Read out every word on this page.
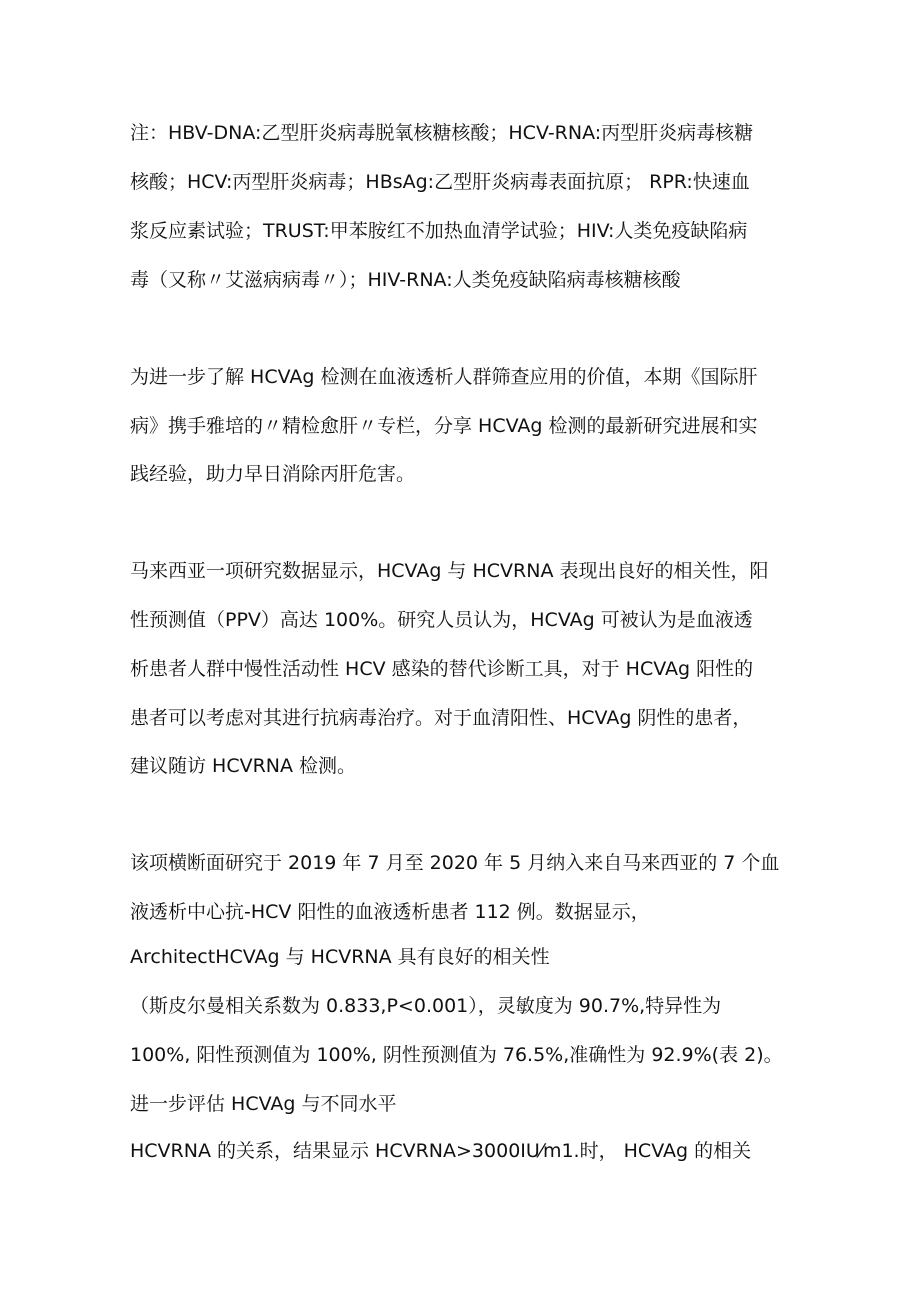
注：HBV-DNA:乙型肝炎病毒脱氧核糖核酸；HCV-RNA:丙型肝炎病毒核糖
核酸；HCV:丙型肝炎病毒；HBsAg:乙型肝炎病毒表面抗原； RPR:快速血
浆反应素试验；TRUST:甲苯胺红不加热血清学试验；HIV:人类免疫缺陷病
毒（又称〃艾滋病病毒〃）；HIV-RNA:人类免疫缺陷病毒核糖核酸
为进一步了解 HCVAg 检测在血液透析人群筛查应用的价值，本期《国际肝
病》携手雅培的〃精检愈肝〃专栏，分享 HCVAg 检测的最新研究进展和实
践经验，助力早日消除丙肝危害。
马来西亚一项研究数据显示，HCVAg 与 HCVRNA 表现出良好的相关性，阳
性预测值（PPV）高达 100%。研究人员认为，HCVAg 可被认为是血液透
析患者人群中慢性活动性 HCV 感染的替代诊断工具，对于 HCVAg 阳性的
患者可以考虑对其进行抗病毒治疗。对于血清阳性、HCVAg 阴性的患者，
建议随访 HCVRNA 检测。
该项横断面研究于 2019 年 7 月至 2020 年 5 月纳入来自马来西亚的 7 个血
液透析中心抗-HCV 阳性的血液透析患者 112 例。数据显示，
ArchitectHCVAg 与 HCVRNA 具有良好的相关性
（斯皮尔曼相关系数为 0.833,P<0.001），灵敏度为 90.7%,特异性为
100%, 阳性预测值为 100%, 阴性预测值为 76.5%,准确性为 92.9%(表 2)。
进一步评估 HCVAg 与不同水平
HCVRNA 的关系，结果显示 HCVRNA>3000IU⁄m1.时， HCVAg 的相关
